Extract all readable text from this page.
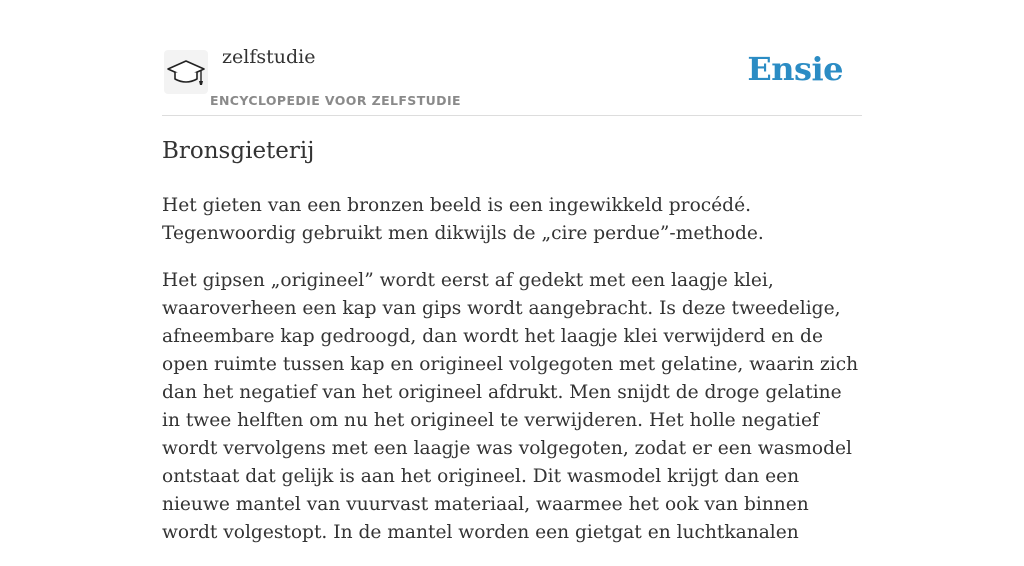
zelfstudie
ENCYCLOPEDIE VOOR ZELFSTUDIE
Ensie
Bronsgieterij

Het gieten van een bronzen beeld is een ingewikkeld procédé. Tegenwoordig gebruikt men dikwijls de „cire perdue”-methode.

Het gipsen „origineel” wordt eerst af gedekt met een laagje klei, waaroverheen een kap van gips wordt aangebracht. Is deze tweedelige, afneembare kap gedroogd, dan wordt het laagje klei verwijderd en de open ruimte tussen kap en origineel volgegoten met gelatine, waarin zich dan het negatief van het origineel afdrukt. Men snijdt de droge gelatine in twee helften om nu het origineel te verwijderen. Het holle negatief wordt vervolgens met een laagje was volgegoten, zodat er een wasmodel ontstaat dat gelijk is aan het origineel. Dit wasmodel krijgt dan een nieuwe mantel van vuurvast materiaal, waarmee het ook van binnen wordt volgestopt. In de mantel worden een gietgat en luchtkanalen
